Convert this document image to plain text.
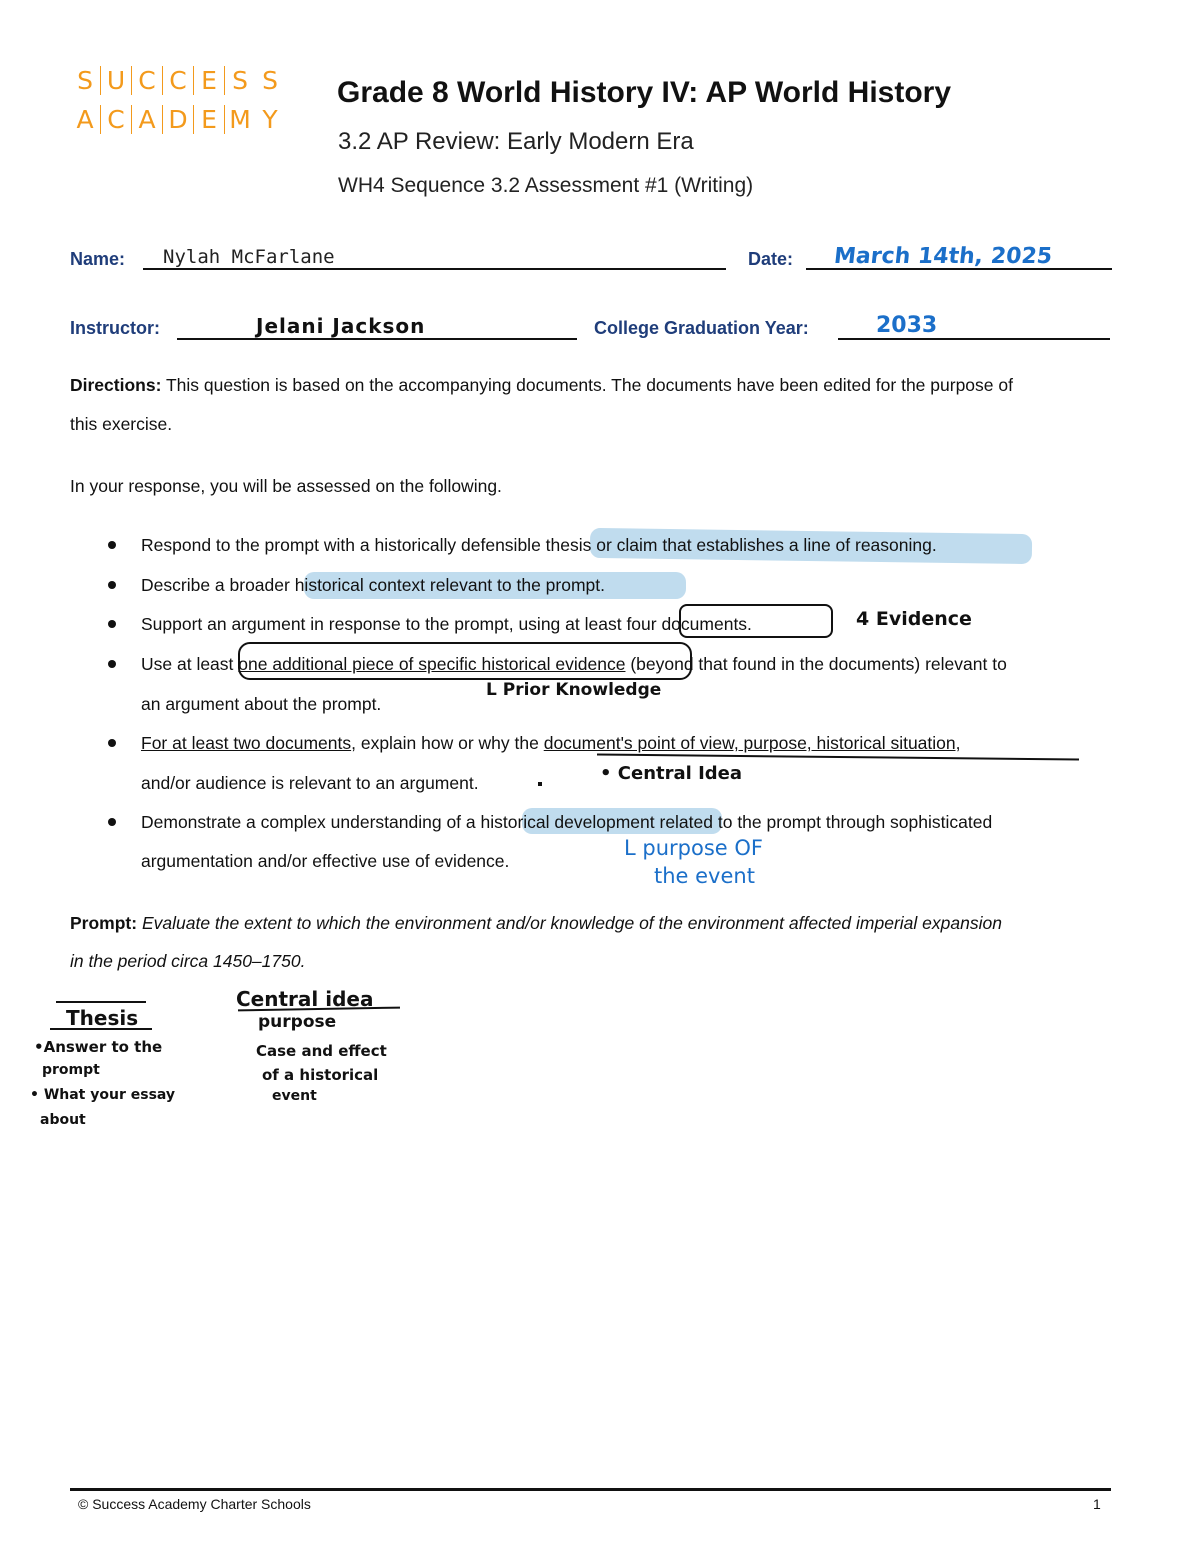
S U C C E S S
A C A D E M Y
Grade 8 World History IV: AP World History
3.2 AP Review: Early Modern Era
WH4 Sequence 3.2 Assessment #1 (Writing)
Name: Nylah McFarlane	Date: March 14th, 2025
Instructor:	Jelani Jackson	College Graduation Year:	2033
Directions: This question is based on the accompanying documents. The documents have been edited for the purpose of
this exercise.
In your response, you will be assessed on the following.
Respond to the prompt with a historically defensible thesis or claim that establishes a line of reasoning.
Describe a broader historical context relevant to the prompt.
Support an argument in response to the prompt, using at least four documents.	4 Evidence
Use at least one additional piece of specific historical evidence (beyond that found in the documents) relevant to
an argument about the prompt.
L Prior Knowledge
For at least two documents, explain how or why the document's point of view, purpose, historical situation,
and/or audience is relevant to an argument.	• Central Idea
Demonstrate a complex understanding of a historical development related to the prompt through sophisticated
argumentation and/or effective use of evidence.
L purpose OF
the event
Prompt: Evaluate the extent to which the environment and/or knowledge of the environment affected imperial expansion
in the period circa 1450–1750.
Thesis
•Answer to the
prompt
• What your essay
about
Central idea
purpose
Case and effect
of a historical
event
© Success Academy Charter Schools	1
